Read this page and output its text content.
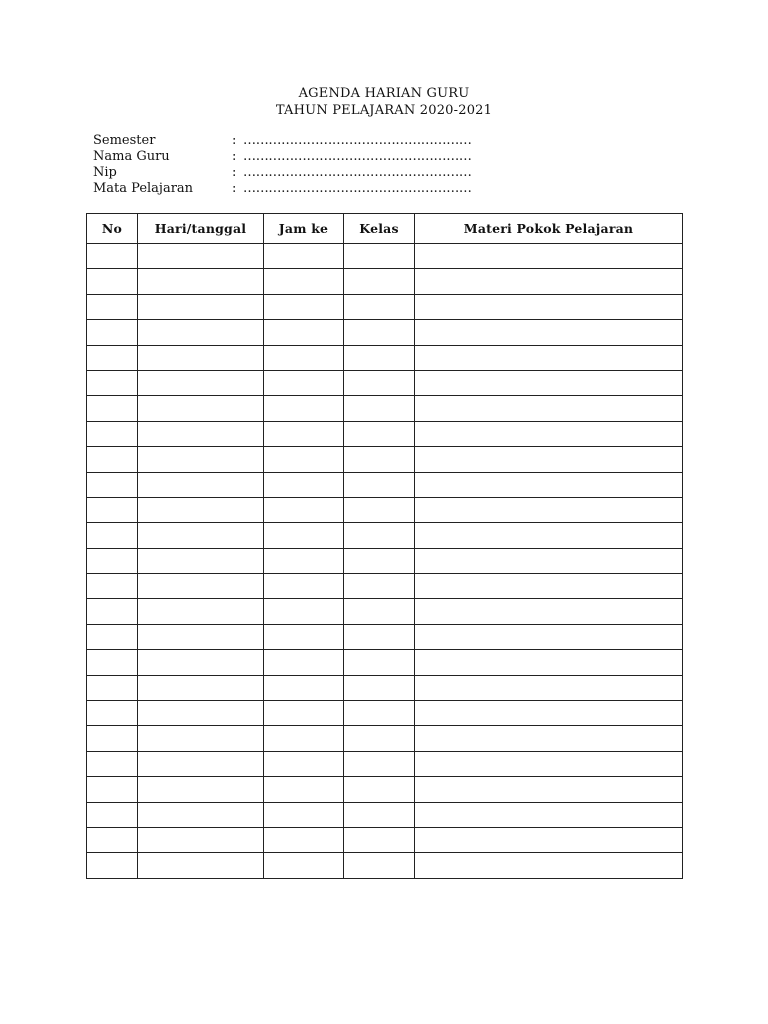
AGENDA HARIAN GURU
TAHUN PELAJARAN 2020-2021
Semester	: ………………………………………………
Nama Guru	: ………………………………………………
Nip	: ………………………………………………
Mata Pelajaran	: ………………………………………………
No	Hari/tanggal	Jam ke	Kelas	Materi Pokok Pelajaran
